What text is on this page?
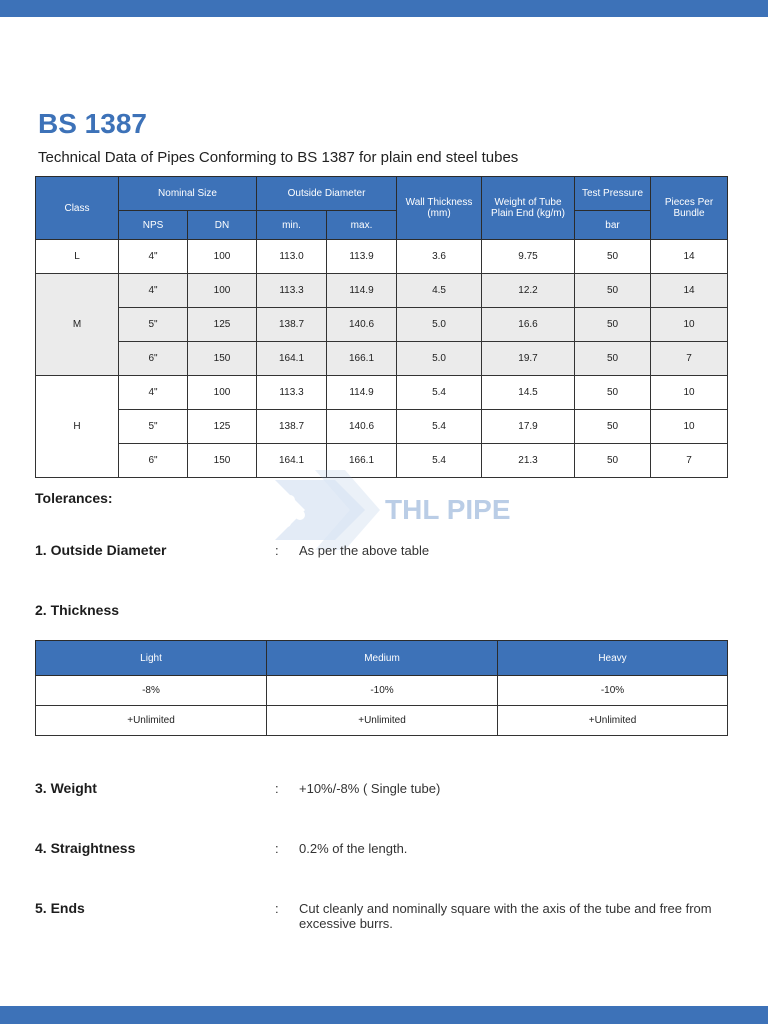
BS 1387

Technical Data of Pipes Conforming to BS 1387 for plain end steel tubes

Class	Nominal Size		Outside Diameter		Wall Thickness (mm)	Weight of Tube Plain End (kg/m)	Test Pressure	Pieces Per Bundle
	NPS	DN	min.	max.			bar	
L	4"	100	113.0	113.9	3.6	9.75	50	14
M	4"	100	113.3	114.9	4.5	12.2	50	14
	5"	125	138.7	140.6	5.0	16.6	50	10
	6"	150	164.1	166.1	5.0	19.7	50	7
H	4"	100	113.3	114.9	5.4	14.5	50	10
	5"	125	138.7	140.6	5.4	17.9	50	10
	6"	150	164.1	166.1	5.4	21.3	50	7
THL PIPE
Tolerances:
1. Outside Diameter	: As per the above table
2. Thickness
Light	Medium	Heavy
-8%	-10%	-10%
+Unlimited	+Unlimited	+Unlimited
3. Weight	: +10%/-8% ( Single tube)
4. Straightness	: 0.2% of the length.
5. Ends	: Cut cleanly and nominally square with the axis of the tube and free from excessive burrs.
